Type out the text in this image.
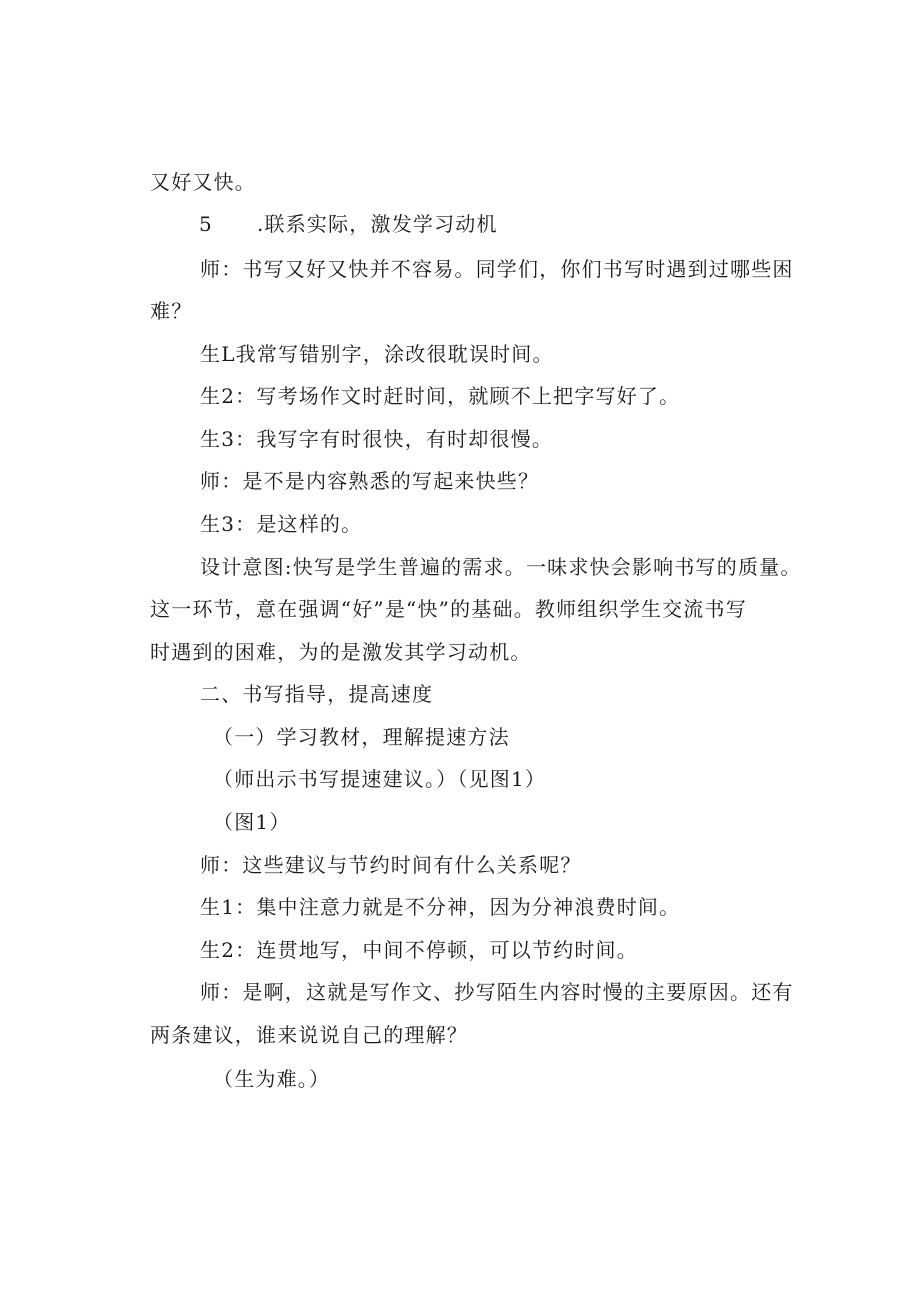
又好又快。
5 .联系实际，激发学习动机
师：书写又好又快并不容易。同学们，你们书写时遇到过哪些困
难？
生L我常写错别字，涂改很耽误时间。
生2：写考场作文时赶时间，就顾不上把字写好了。
生3：我写字有时很快，有时却很慢。
师：是不是内容熟悉的写起来快些？
生3：是这样的。
设计意图:快写是学生普遍的需求。一味求快会影响书写的质量。
这一环节，意在强调“好”是“快”的基础。教师组织学生交流书写
时遇到的困难，为的是激发其学习动机。
二、书写指导，提高速度
（一）学习教材，理解提速方法
（师出示书写提速建议。）（见图1）
（图1）
师：这些建议与节约时间有什么关系呢？
生1：集中注意力就是不分神，因为分神浪费时间。
生2：连贯地写，中间不停顿，可以节约时间。
师：是啊，这就是写作文、抄写陌生内容时慢的主要原因。还有
两条建议，谁来说说自己的理解？
（生为难。）
